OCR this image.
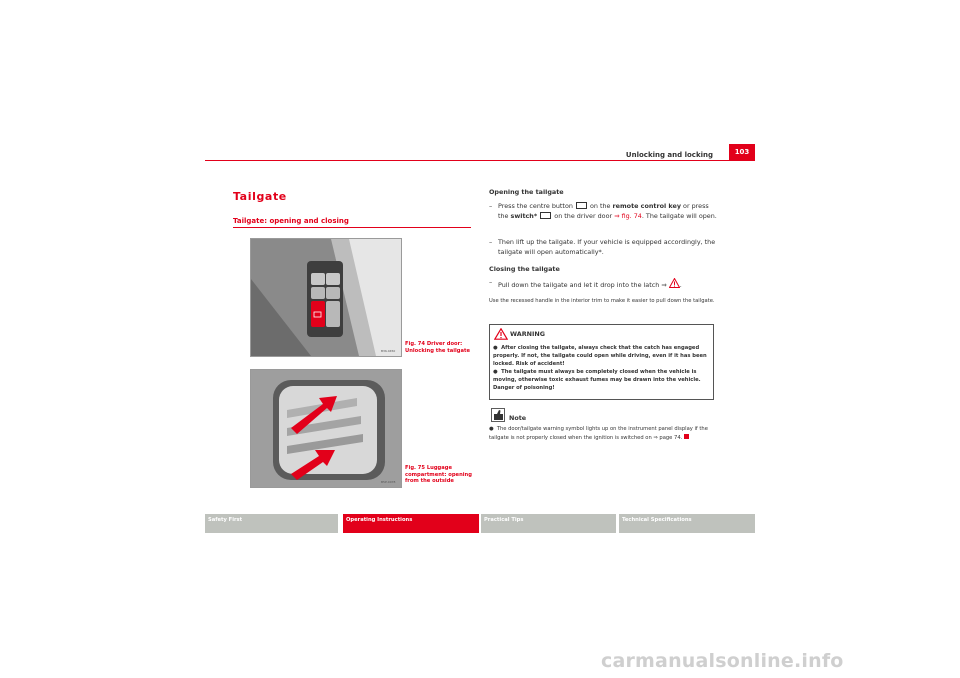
Unlocking and locking	103
Tailgate
Tailgate: opening and closing
B3K-0450
Fig. 74 Driver door: Unlocking the tailgate
B5P-0078
Fig. 75 Luggage compartment: opening from the outside
Opening the tailgate
– Press the centre button	on the remote control key or press the switch*	on the driver door ⇒ fig. 74. The tailgate will open.
– Then lift up the tailgate. If your vehicle is equipped accordingly, the tailgate will open automatically*.
Closing the tailgate
– Pull down the tailgate and let it drop into the latch ⇒ .
Use the recessed handle in the interior trim to make it easier to pull down the tailgate.
WARNING
● After closing the tailgate, always check that the catch has engaged properly. If not, the tailgate could open while driving, even if it has been locked. Risk of accident!
● The tailgate must always be completely closed when the vehicle is moving, otherwise toxic exhaust fumes may be drawn into the vehicle. Danger of poisoning!
Note
● The door/tailgate warning symbol lights up on the instrument panel display if the tailgate is not properly closed when the ignition is switched on ⇒ page 74.
Safety First	Operating Instructions	Practical Tips	Technical Specifications
carmanualsonline.info
